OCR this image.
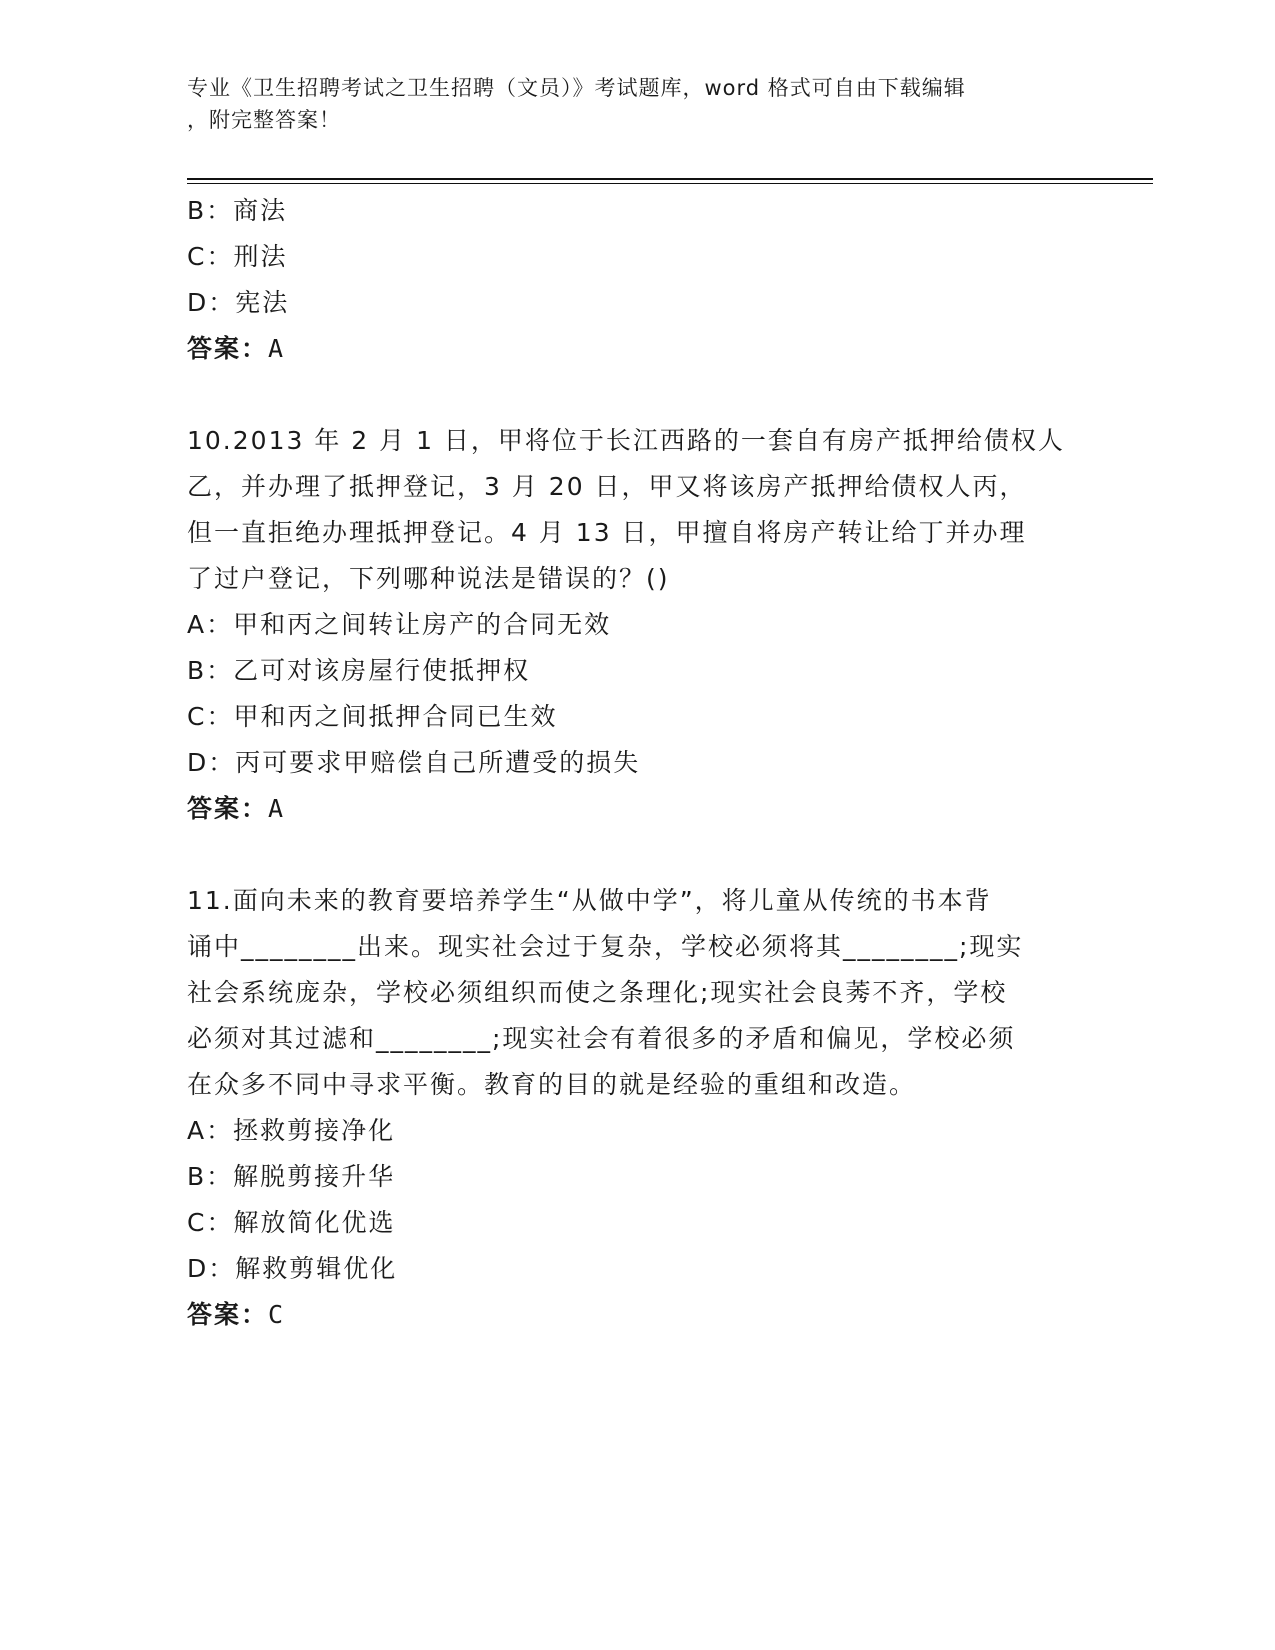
专业《卫生招聘考试之卫生招聘（文员）》考试题库，word 格式可自由下载编辑
，附完整答案！
B：商法
C：刑法
D：宪法
答案：A
10.2013 年 2 月 1 日，甲将位于长江西路的一套自有房产抵押给债权人
乙，并办理了抵押登记，3 月 20 日，甲又将该房产抵押给债权人丙，
但一直拒绝办理抵押登记。4 月 13 日，甲擅自将房产转让给丁并办理
了过户登记，下列哪种说法是错误的？()
A：甲和丙之间转让房产的合同无效
B：乙可对该房屋行使抵押权
C：甲和丙之间抵押合同已生效
D：丙可要求甲赔偿自己所遭受的损失
答案：A
11.面向未来的教育要培养学生“从做中学”，将儿童从传统的书本背
诵中________出来。现实社会过于复杂，学校必须将其________;现实
社会系统庞杂，学校必须组织而使之条理化;现实社会良莠不齐，学校
必须对其过滤和________;现实社会有着很多的矛盾和偏见，学校必须
在众多不同中寻求平衡。教育的目的就是经验的重组和改造。
A：拯救剪接净化
B：解脱剪接升华
C：解放简化优选
D：解救剪辑优化
答案：C
